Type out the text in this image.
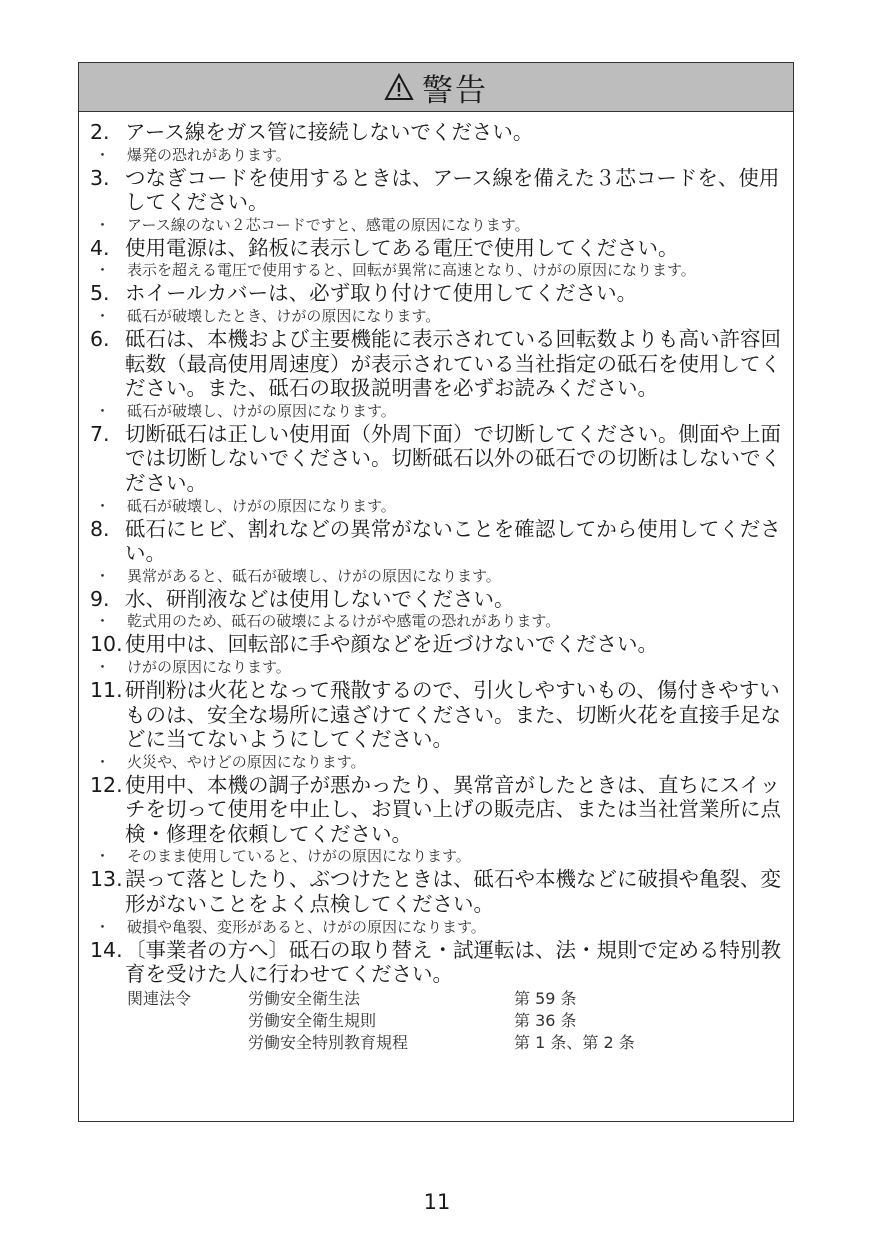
警告
2. アース線をガス管に接続しないでください。
・	爆発の恐れがあります。
3. つなぎコードを使用するときは、アース線を備えた３芯コードを、使用してください。
・	アース線のない２芯コードですと、感電の原因になります。
4. 使用電源は、銘板に表示してある電圧で使用してください。
・	表示を超える電圧で使用すると、回転が異常に高速となり、けがの原因になります。
5. ホイールカバーは、必ず取り付けて使用してください。
・	砥石が破壊したとき、けがの原因になります。
6. 砥石は、本機および主要機能に表示されている回転数よりも高い許容回転数（最高使用周速度）が表示されている当社指定の砥石を使用してください。また、砥石の取扱説明書を必ずお読みください。
・	砥石が破壊し、けがの原因になります。
7. 切断砥石は正しい使用面（外周下面）で切断してください。側面や上面では切断しないでください。切断砥石以外の砥石での切断はしないでください。
・	砥石が破壊し、けがの原因になります。
8. 砥石にヒビ、割れなどの異常がないことを確認してから使用してください。
・	異常があると、砥石が破壊し、けがの原因になります。
9. 水、研削液などは使用しないでください。
・	乾式用のため、砥石の破壊によるけがや感電の恐れがあります。
10. 使用中は、回転部に手や顔などを近づけないでください。
・	けがの原因になります。
11. 研削粉は火花となって飛散するので、引火しやすいもの、傷付きやすいものは、安全な場所に遠ざけてください。また、切断火花を直接手足などに当てないようにしてください。
・	火災や、やけどの原因になります。
12. 使用中、本機の調子が悪かったり、異常音がしたときは、直ちにスイッチを切って使用を中止し、お買い上げの販売店、または当社営業所に点検・修理を依頼してください。
・	そのまま使用していると、けがの原因になります。
13. 誤って落としたり、ぶつけたときは、砥石や本機などに破損や亀裂、変形がないことをよく点検してください。
・	破損や亀裂、変形があると、けがの原因になります。
14. 〔事業者の方へ〕砥石の取り替え・試運転は、法・規則で定める特別教育を受けた人に行わせてください。
関連法令	労働安全衛生法	第 59 条
労働安全衛生規則	第 36 条
労働安全特別教育規程	第 1 条、第 2 条
11
